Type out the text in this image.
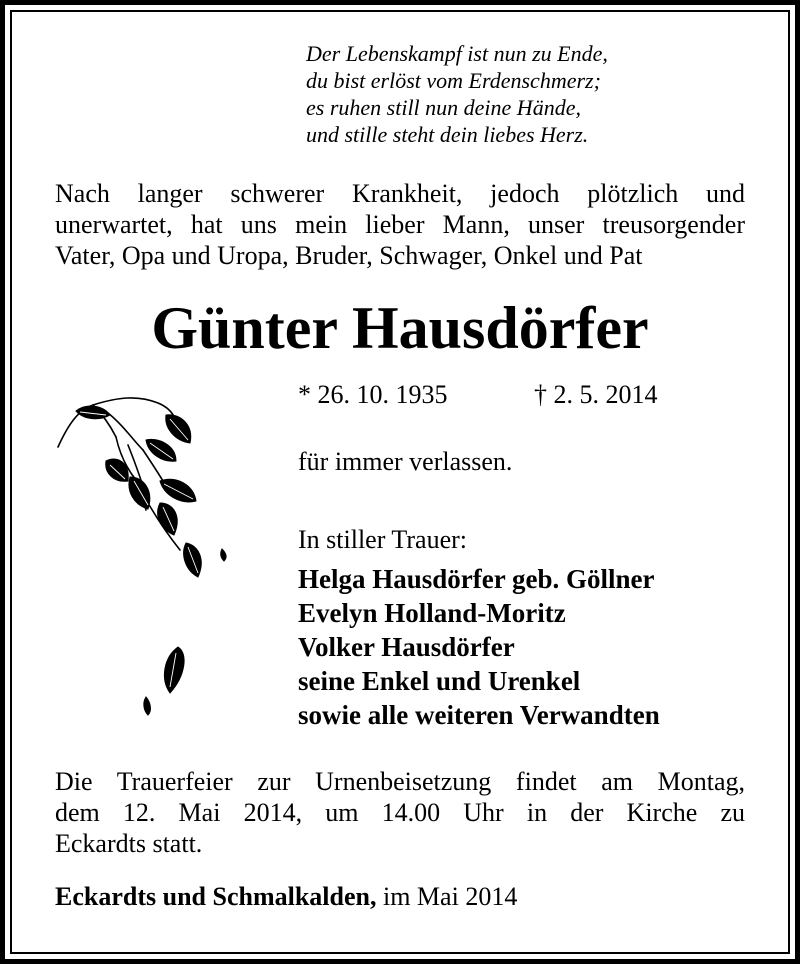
Der Lebenskampf ist nun zu Ende,
du bist erlöst vom Erdenschmerz;
es ruhen still nun deine Hände,
und stille steht dein liebes Herz.
Nach langer schwerer Krankheit, jedoch plötzlich und
unerwartet, hat uns mein lieber Mann, unser treusorgender
Vater, Opa und Uropa, Bruder, Schwager, Onkel und Pat
Günter Hausdörfer
* 26. 10. 1935	† 2. 5. 2014
für immer verlassen.
In stiller Trauer:
Helga Hausdörfer geb. Göllner
Evelyn Holland-Moritz
Volker Hausdörfer
seine Enkel und Urenkel
sowie alle weiteren Verwandten
Die Trauerfeier zur Urnenbeisetzung findet am Montag,
dem 12. Mai 2014, um 14.00 Uhr in der Kirche zu
Eckardts statt.
Eckardts und Schmalkalden, im Mai 2014
